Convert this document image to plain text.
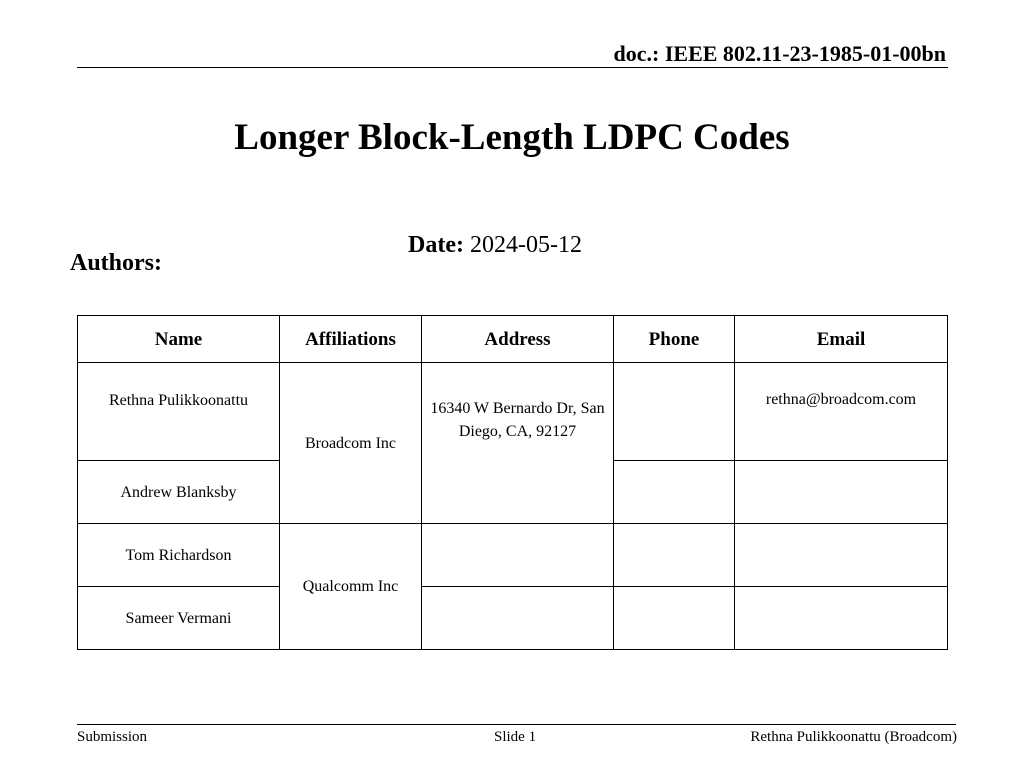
doc.: IEEE 802.11-23-1985-01-00bn
Longer Block-Length LDPC Codes
Date: 2024-05-12
Authors:
Name	Affiliations	Address	Phone	Email
Rethna Pulikkoonattu	Broadcom Inc	16340 W Bernardo Dr, San Diego, CA, 92127		rethna@broadcom.com
Andrew Blanksby				
Tom Richardson	Qualcomm Inc			
Sameer Vermani				
Submission	Slide 1	Rethna Pulikkoonattu (Broadcom)
